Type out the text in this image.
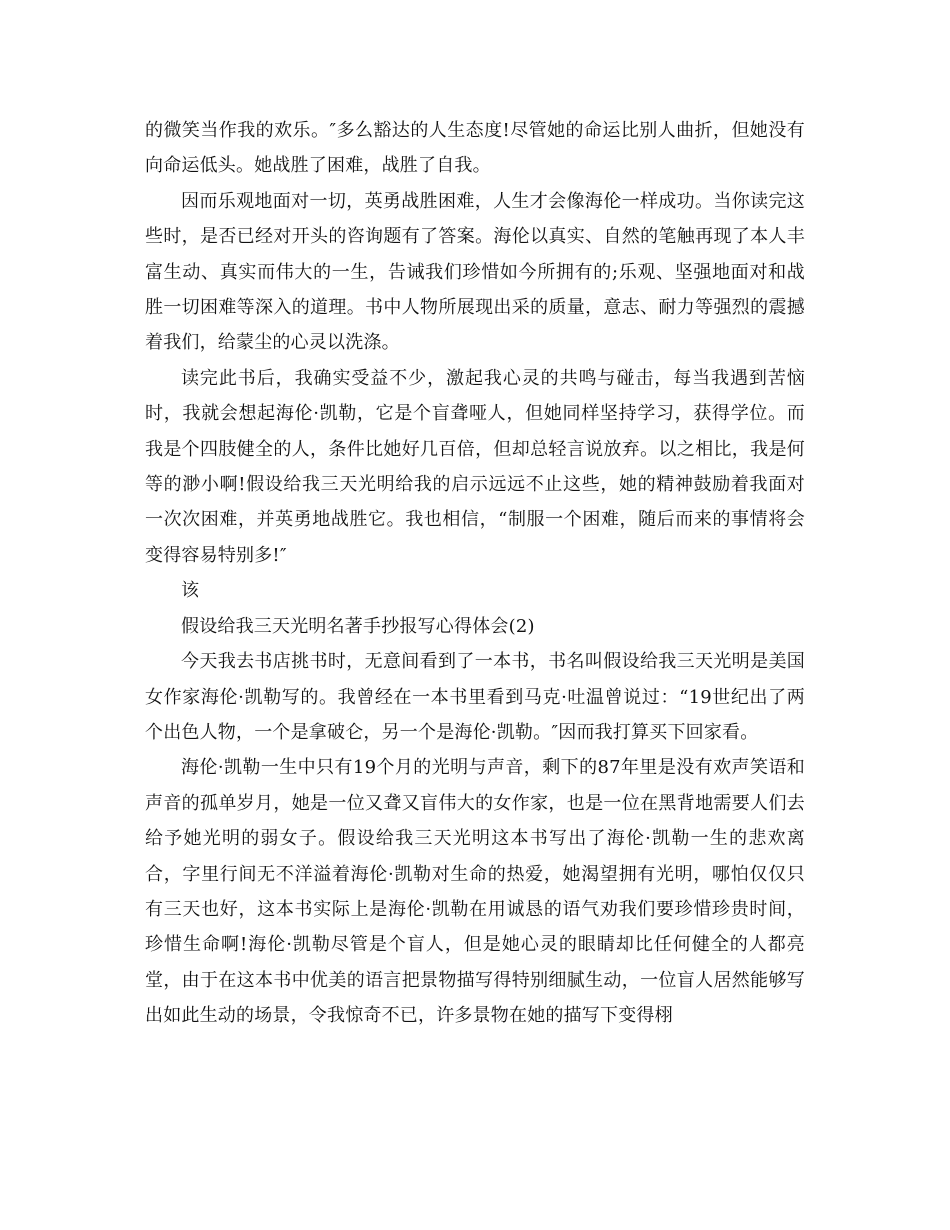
的微笑当作我的欢乐。″多么豁达的人生态度!尽管她的命运比别人曲折，但她没有向命运低头。她战胜了困难，战胜了自我。

因而乐观地面对一切，英勇战胜困难，人生才会像海伦一样成功。当你读完这些时，是否已经对开头的咨询题有了答案。海伦以真实、自然的笔触再现了本人丰富生动、真实而伟大的一生，告诫我们珍惜如今所拥有的;乐观、坚强地面对和战胜一切困难等深入的道理。书中人物所展现出采的质量，意志、耐力等强烈的震撼着我们，给蒙尘的心灵以洗涤。

读完此书后，我确实受益不少，激起我心灵的共鸣与碰击，每当我遇到苦恼时，我就会想起海伦·凯勒，它是个盲聋哑人，但她同样坚持学习，获得学位。而我是个四肢健全的人，条件比她好几百倍，但却总轻言说放弃。以之相比，我是何等的渺小啊!假设给我三天光明给我的启示远远不止这些，她的精神鼓励着我面对一次次困难，并英勇地战胜它。我也相信，“制服一个困难，随后而来的事情将会变得容易特别多!″

该

假设给我三天光明名著手抄报写心得体会(2)

今天我去书店挑书时，无意间看到了一本书，书名叫假设给我三天光明是美国女作家海伦·凯勒写的。我曾经在一本书里看到马克·吐温曾说过：“19世纪出了两个出色人物，一个是拿破仑，另一个是海伦·凯勒。″因而我打算买下回家看。

海伦·凯勒一生中只有19个月的光明与声音，剩下的87年里是没有欢声笑语和声音的孤单岁月，她是一位又聋又盲伟大的女作家，也是一位在黑背地需要人们去给予她光明的弱女子。假设给我三天光明这本书写出了海伦·凯勒一生的悲欢离合，字里行间无不洋溢着海伦·凯勒对生命的热爱，她渴望拥有光明，哪怕仅仅只有三天也好，这本书实际上是海伦·凯勒在用诚恳的语气劝我们要珍惜珍贵时间，珍惜生命啊!海伦·凯勒尽管是个盲人，但是她心灵的眼睛却比任何健全的人都亮堂，由于在这本书中优美的语言把景物描写得特别细腻生动，一位盲人居然能够写出如此生动的场景，令我惊奇不已，许多景物在她的描写下变得栩
